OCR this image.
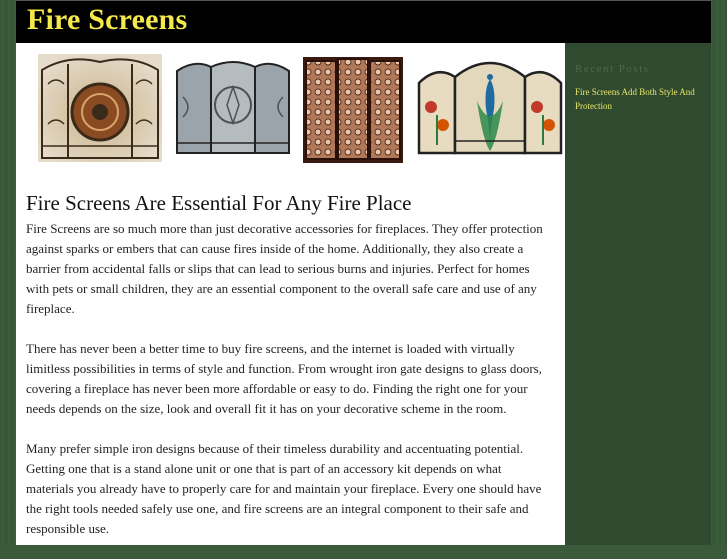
Fire Screens
Fire Screens Are Essential For Any Fire Place

Fire Screens are so much more than just decorative accessories for fireplaces. They offer protection against sparks or embers that can cause fires inside of the home. Additionally, they also create a barrier from accidental falls or slips that can lead to serious burns and injuries. Perfect for homes with pets or small children, they are an essential component to the overall safe care and use of any fireplace.

There has never been a better time to buy fire screens, and the internet is loaded with virtually limitless possibilities in terms of style and function. From wrought iron gate designs to glass doors, covering a fireplace has never been more affordable or easy to do. Finding the right one for your needs depends on the size, look and overall fit it has on your decorative scheme in the room.

Many prefer simple iron designs because of their timeless durability and accentuating potential. Getting one that is a stand alone unit or one that is part of an accessory kit depends on what materials you already have to properly care for and maintain your fireplace. Every one should have the right tools needed safely use one, and fire screens are an integral component to their safe and responsible use.

Recent Posts
Fire Screens Add Both Style And Protection
